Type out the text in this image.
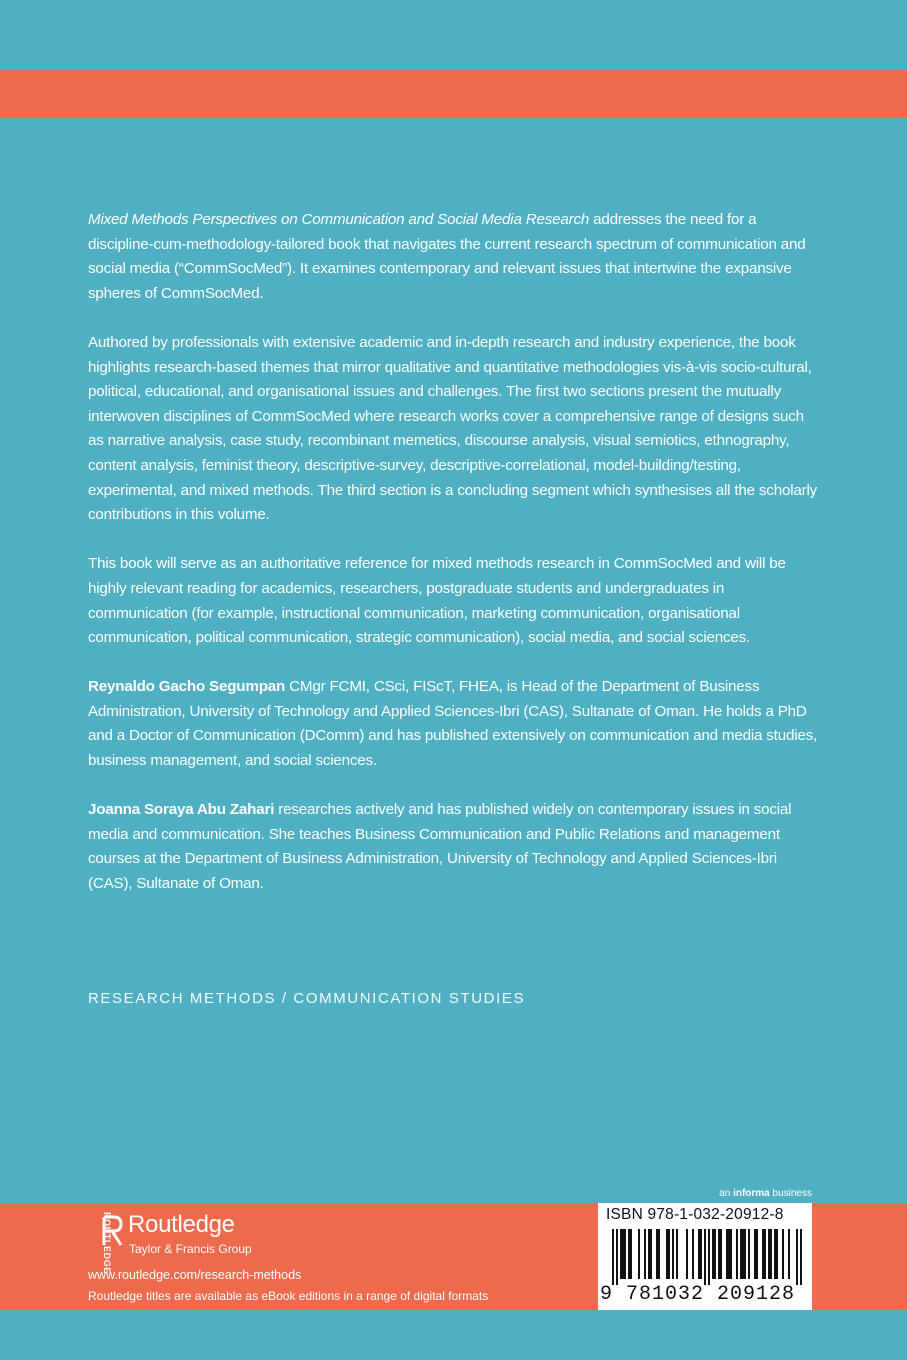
Mixed Methods Perspectives on Communication and Social Media Research addresses the need for a discipline-cum-methodology-tailored book that navigates the current research spectrum of communication and social media (“CommSocMed”). It examines contemporary and relevant issues that intertwine the expansive spheres of CommSocMed.

Authored by professionals with extensive academic and in-depth research and industry experience, the book highlights research-based themes that mirror qualitative and quantitative methodologies vis-à-vis socio-cultural, political, educational, and organisational issues and challenges. The first two sections present the mutually interwoven disciplines of CommSocMed where research works cover a comprehensive range of designs such as narrative analysis, case study, recombinant memetics, discourse analysis, visual semiotics, ethnography, content analysis, feminist theory, descriptive-survey, descriptive-correlational, model-building/testing, experimental, and mixed methods. The third section is a concluding segment which synthesises all the scholarly contributions in this volume.

This book will serve as an authoritative reference for mixed methods research in CommSocMed and will be highly relevant reading for academics, researchers, postgraduate students and undergraduates in communication (for example, instructional communication, marketing communication, organisational communication, political communication, strategic communication), social media, and social sciences.

Reynaldo Gacho Segumpan CMgr FCMI, CSci, FIScT, FHEA, is Head of the Department of Business Administration, University of Technology and Applied Sciences-Ibri (CAS), Sultanate of Oman. He holds a PhD and a Doctor of Communication (DComm) and has published extensively on communication and media studies, business management, and social sciences.

Joanna Soraya Abu Zahari researches actively and has published widely on contemporary issues in social media and communication. She teaches Business Communication and Public Relations and management courses at the Department of Business Administration, University of Technology and Applied Sciences-Ibri (CAS), Sultanate of Oman.

RESEARCH METHODS / COMMUNICATION STUDIES
an informa business
ROUTLEDGE Routledge
Taylor & Francis Group
www.routledge.com/research-methods
Routledge titles are available as eBook editions in a range of digital formats
ISBN 978-1-032-20912-8
9 781032 209128
